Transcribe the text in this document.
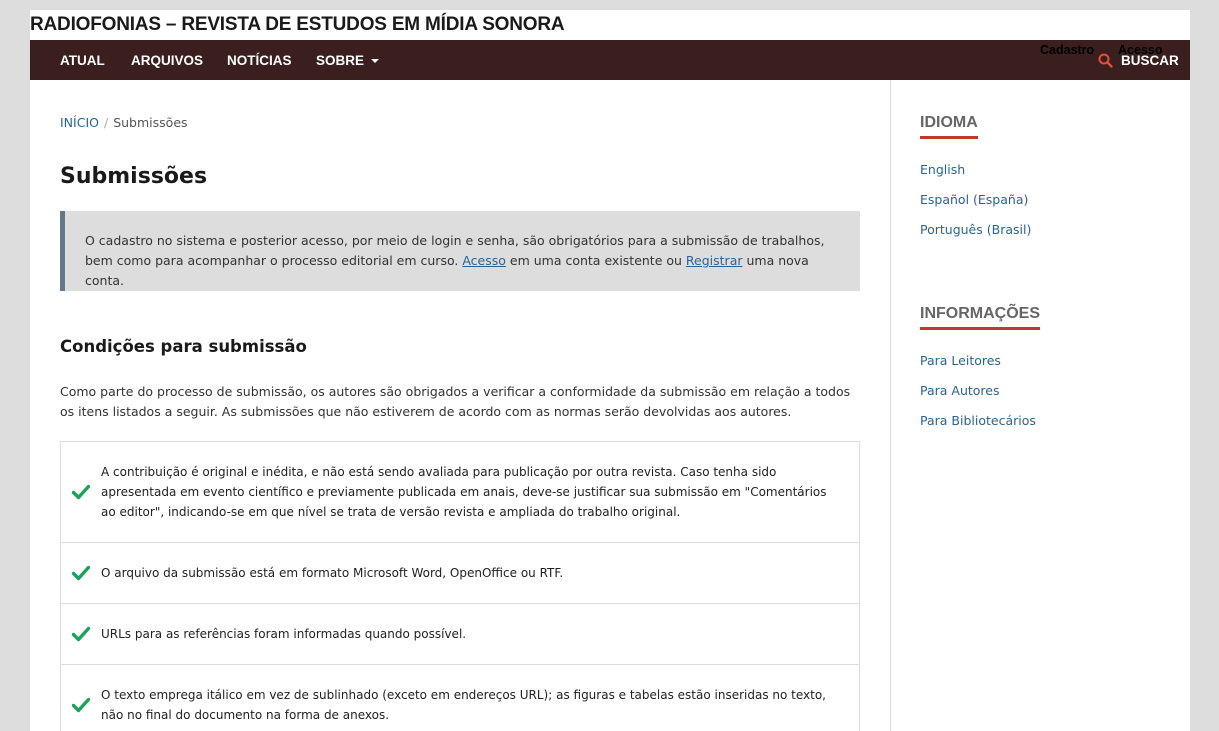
RADIOFONIAS – REVISTA DE ESTUDOS EM MÍDIA SONORA
ATUAL ARQUIVOS NOTÍCIAS SOBRE
Cadastro Acesso
BUSCAR
INÍCIO / Submissões
Submissões
O cadastro no sistema e posterior acesso, por meio de login e senha, são obrigatórios para a submissão de trabalhos, bem como para acompanhar o processo editorial em curso. Acesso em uma conta existente ou Registrar uma nova conta.
Condições para submissão

Como parte do processo de submissão, os autores são obrigados a verificar a conformidade da submissão em relação a todos os itens listados a seguir. As submissões que não estiverem de acordo com as normas serão devolvidas aos autores.

A contribuição é original e inédita, e não está sendo avaliada para publicação por outra revista. Caso tenha sido apresentada em evento científico e previamente publicada em anais, deve-se justificar sua submissão em "Comentários ao editor", indicando-se em que nível se trata de versão revista e ampliada do trabalho original.
O arquivo da submissão está em formato Microsoft Word, OpenOffice ou RTF.
URLs para as referências foram informadas quando possível.
O texto emprega itálico em vez de sublinhado (exceto em endereços URL); as figuras e tabelas estão inseridas no texto, não no final do documento na forma de anexos.
IDIOMA
English
Español (España)
Português (Brasil)
INFORMAÇÕES
Para Leitores
Para Autores
Para Bibliotecários
